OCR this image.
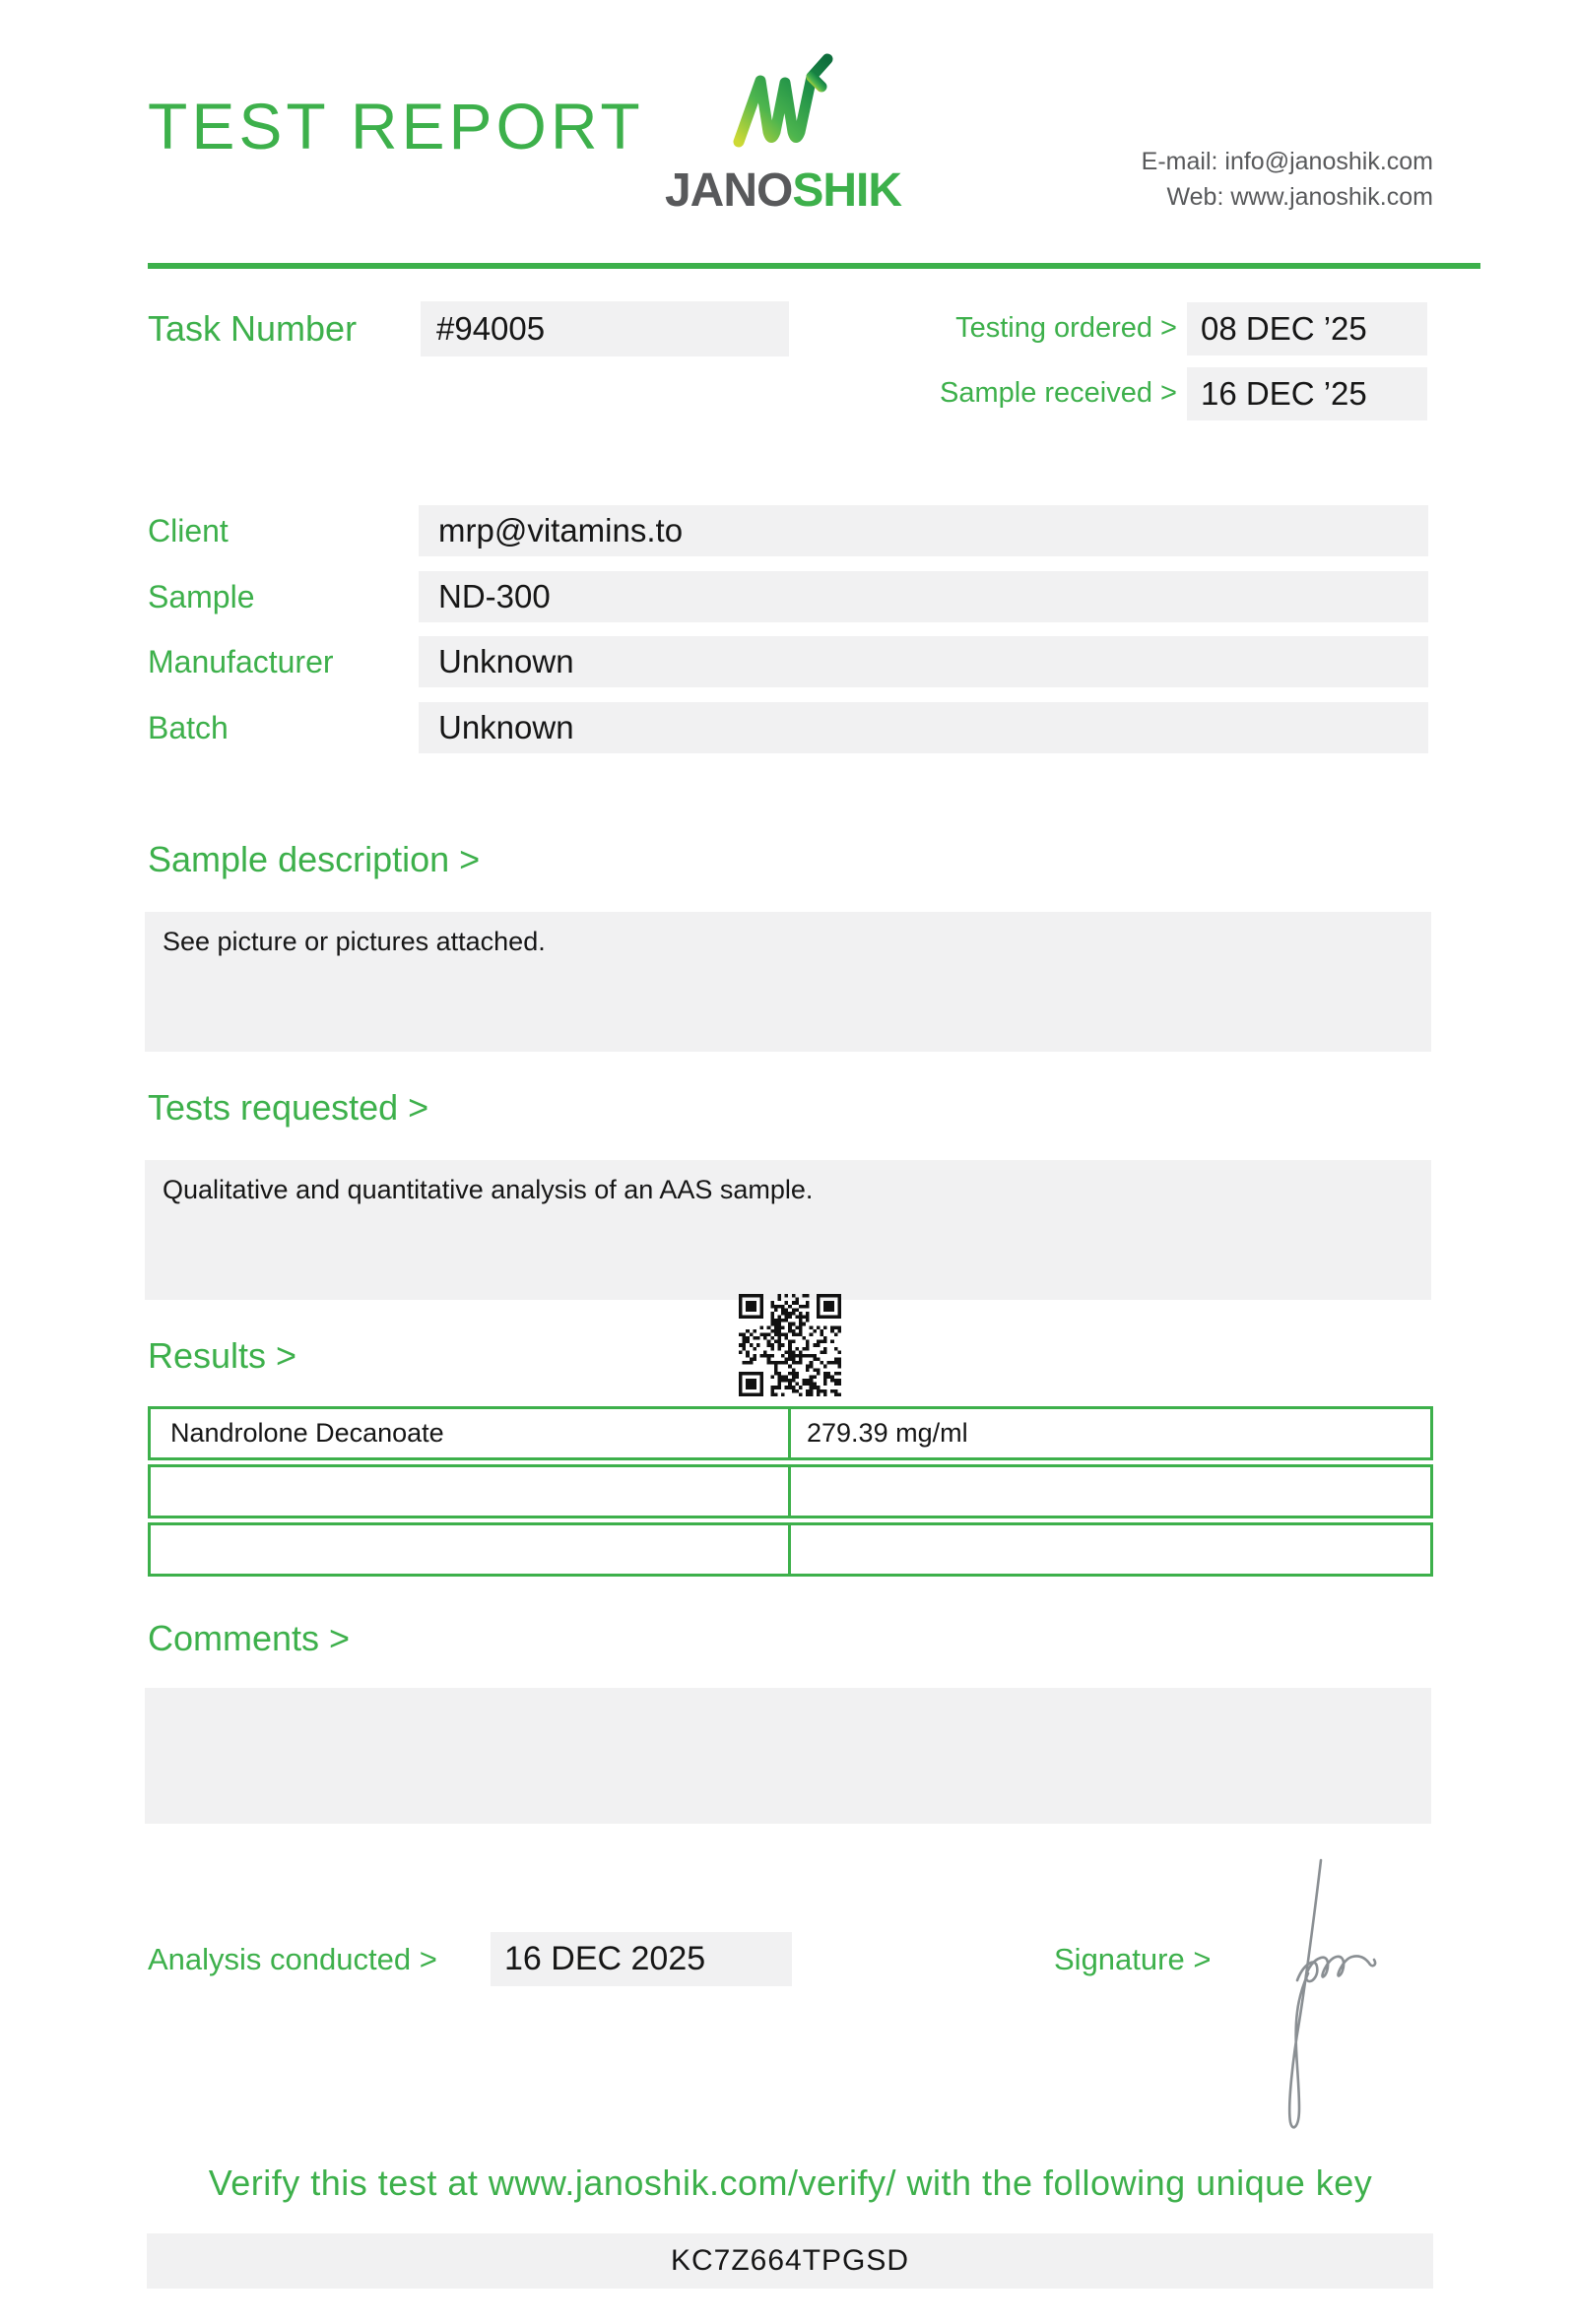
TEST REPORT
JANOSHIK
E-mail: info@janoshik.com
Web: www.janoshik.com
Task Number	#94005	Testing ordered > 08 DEC ’25
Sample received > 16 DEC ’25
Client	mrp@vitamins.to
Sample	ND-300
Manufacturer	Unknown
Batch	Unknown
Sample description >
See picture or pictures attached.
Tests requested >
Qualitative and quantitative analysis of an AAS sample.
Results >
Nandrolone Decanoate	279.39 mg/ml
Comments >
Analysis conducted >	16 DEC 2025	Signature >
Verify this test at www.janoshik.com/verify/ with the following unique key
KC7Z664TPGSD
